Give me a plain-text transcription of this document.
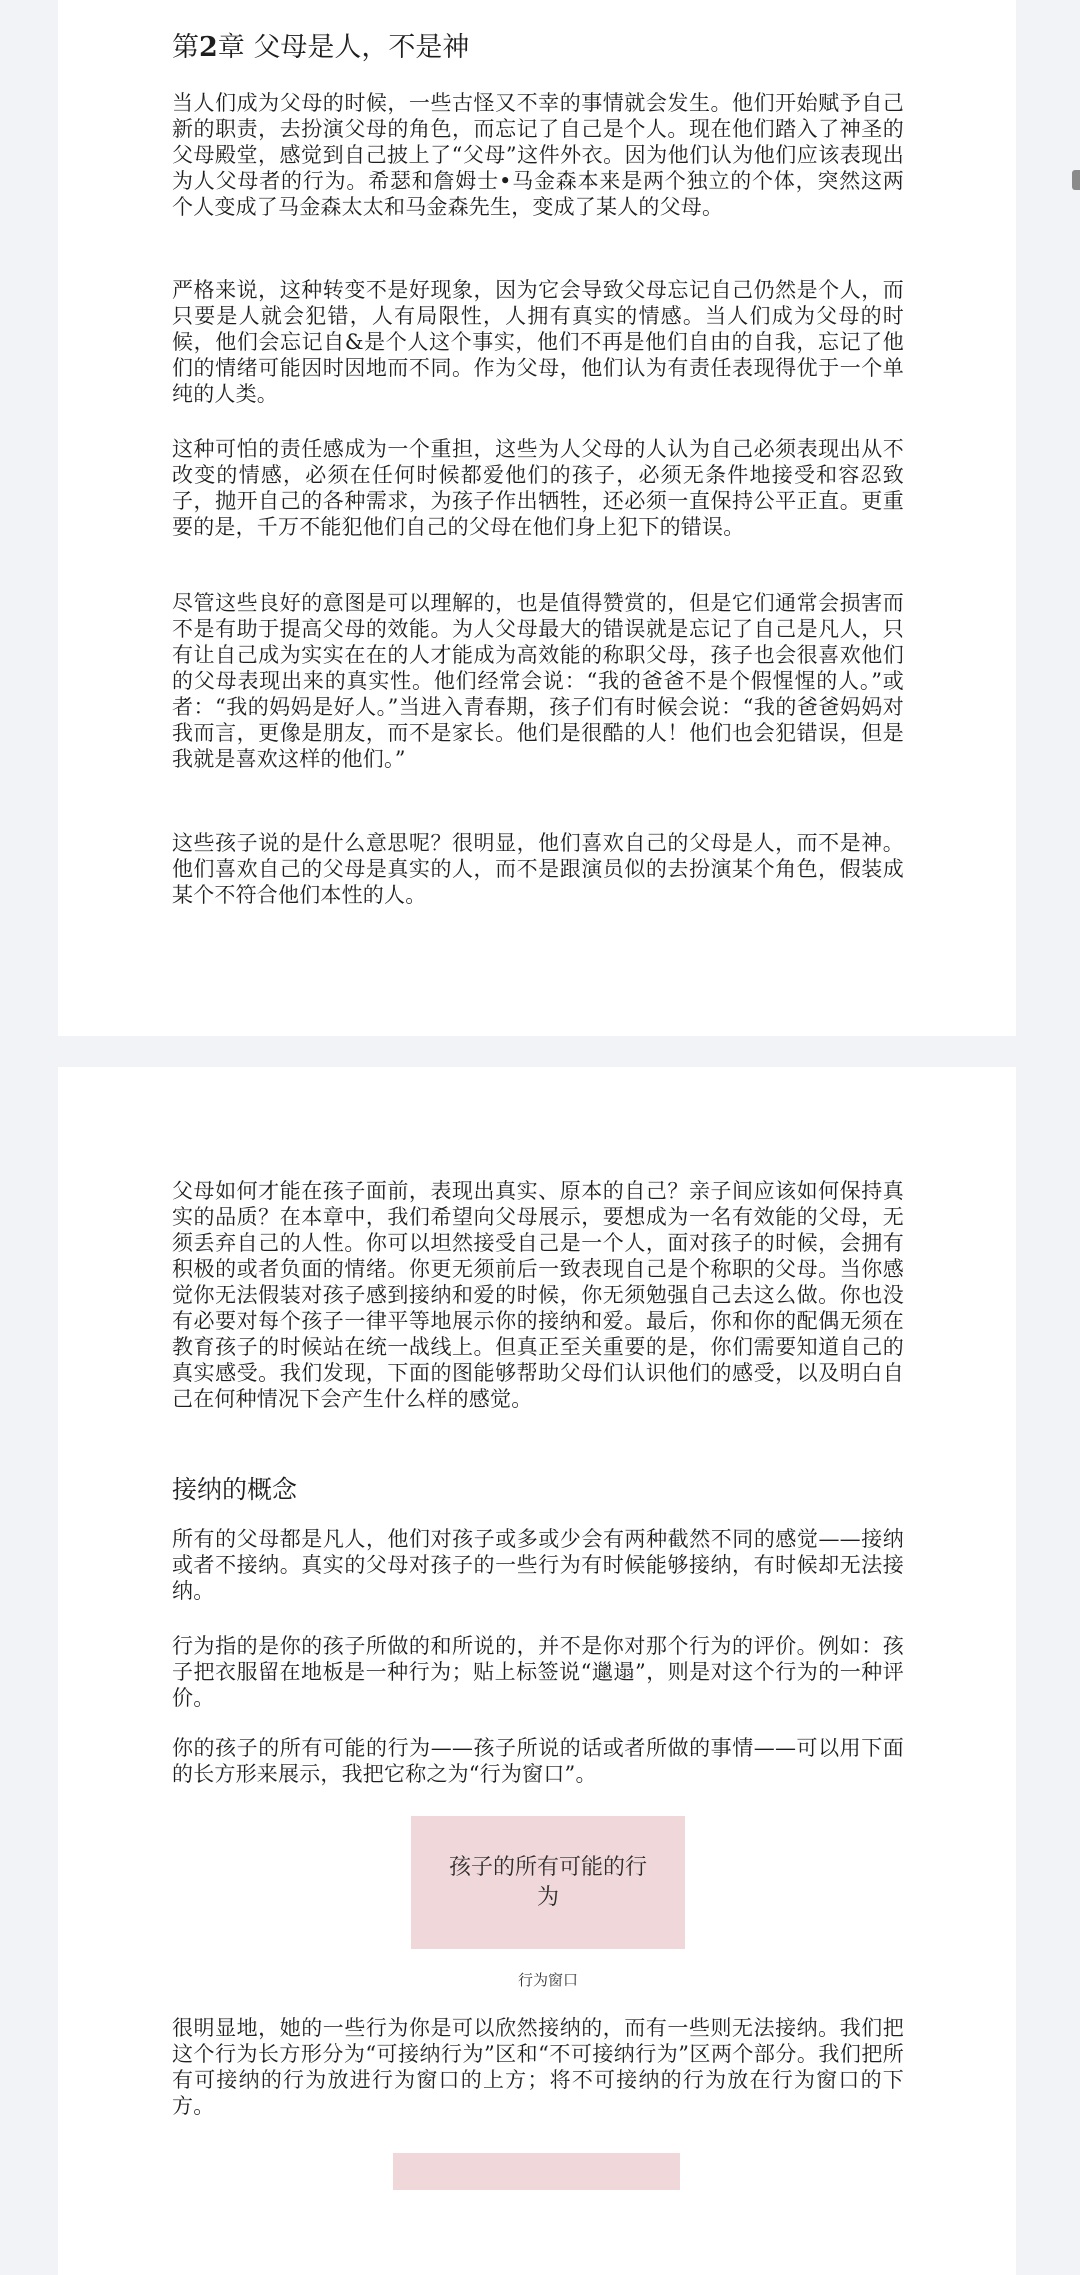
第2章 父母是人，不是神

当人们成为父母的时候，一些古怪又不幸的事情就会发生。他们开始赋予自己新的职责，去扮演父母的角色，而忘记了自己是个人。现在他们踏入了神圣的父母殿堂，感觉到自己披上了“父母”这件外衣。因为他们认为他们应该表现出为人父母者的行为。希瑟和詹姆士•马金森本来是两个独立的个体，突然这两个人变成了马金森太太和马金森先生，变成了某人的父母。

严格来说，这种转变不是好现象，因为它会导致父母忘记自己仍然是个人，而只要是人就会犯错，人有局限性，人拥有真实的情感。当人们成为父母的时候，他们会忘记自&是个人这个事实，他们不再是他们自由的自我，忘记了他们的情绪可能因时因地而不同。作为父母，他们认为有责任表现得优于一个单纯的人类。

这种可怕的责任感成为一个重担，这些为人父母的人认为自己必须表现出从不改变的情感，必须在任何时候都爱他们的孩子，必须无条件地接受和容忍致子，抛开自己的各种需求，为孩子作出牺牲，还必须一直保持公平正直。更重要的是，千万不能犯他们自己的父母在他们身上犯下的错误。

尽管这些良好的意图是可以理解的，也是值得赞赏的，但是它们通常会损害而不是有助于提高父母的效能。为人父母最大的错误就是忘记了自己是凡人，只有让自己成为实实在在的人才能成为高效能的称职父母，孩子也会很喜欢他们的父母表现出来的真实性。他们经常会说：“我的爸爸不是个假惺惺的人。”或者：“我的妈妈是好人。”当进入青春期，孩子们有时候会说：“我的爸爸妈妈对我而言，更像是朋友，而不是家长。他们是很酷的人！他们也会犯错误，但是我就是喜欢这样的他们。”

这些孩子说的是什么意思呢？很明显，他们喜欢自己的父母是人，而不是神。他们喜欢自己的父母是真实的人，而不是跟演员似的去扮演某个角色，假装成某个不符合他们本性的人。

父母如何才能在孩子面前，表现出真实、原本的自己？亲子间应该如何保持真实的品质？在本章中，我们希望向父母展示，要想成为一名有效能的父母，无须丢弃自己的人性。你可以坦然接受自己是一个人，面对孩子的时候，会拥有积极的或者负面的情绪。你更无须前后一致表现自己是个称职的父母。当你感觉你无法假装对孩子感到接纳和爱的时候，你无须勉强自己去这么做。你也没有必要对每个孩子一律平等地展示你的接纳和爱。最后，你和你的配偶无须在教育孩子的时候站在统一战线上。但真正至关重要的是，你们需要知道自己的真实感受。我们发现，下面的图能够帮助父母们认识他们的感受，以及明白自己在何种情况下会产生什么样的感觉。

接纳的概念

所有的父母都是凡人，他们对孩子或多或少会有两种截然不同的感觉——接纳或者不接纳。真实的父母对孩子的一些行为有时候能够接纳，有时候却无法接纳。

行为指的是你的孩子所做的和所说的，并不是你对那个行为的评价。例如：孩子把衣服留在地板是一种行为；贴上标签说“邋遢”，则是对这个行为的一种评价。

你的孩子的所有可能的行为——孩子所说的话或者所做的事情——可以用下面的长方形来展示，我把它称之为“行为窗口”。

孩子的所有可能的行为
行为窗口

很明显地，她的一些行为你是可以欣然接纳的，而有一些则无法接纳。我们把这个行为长方形分为“可接纳行为”区和“不可接纳行为”区两个部分。我们把所有可接纳的行为放进行为窗口的上方；将不可接纳的行为放在行为窗口的下方。
